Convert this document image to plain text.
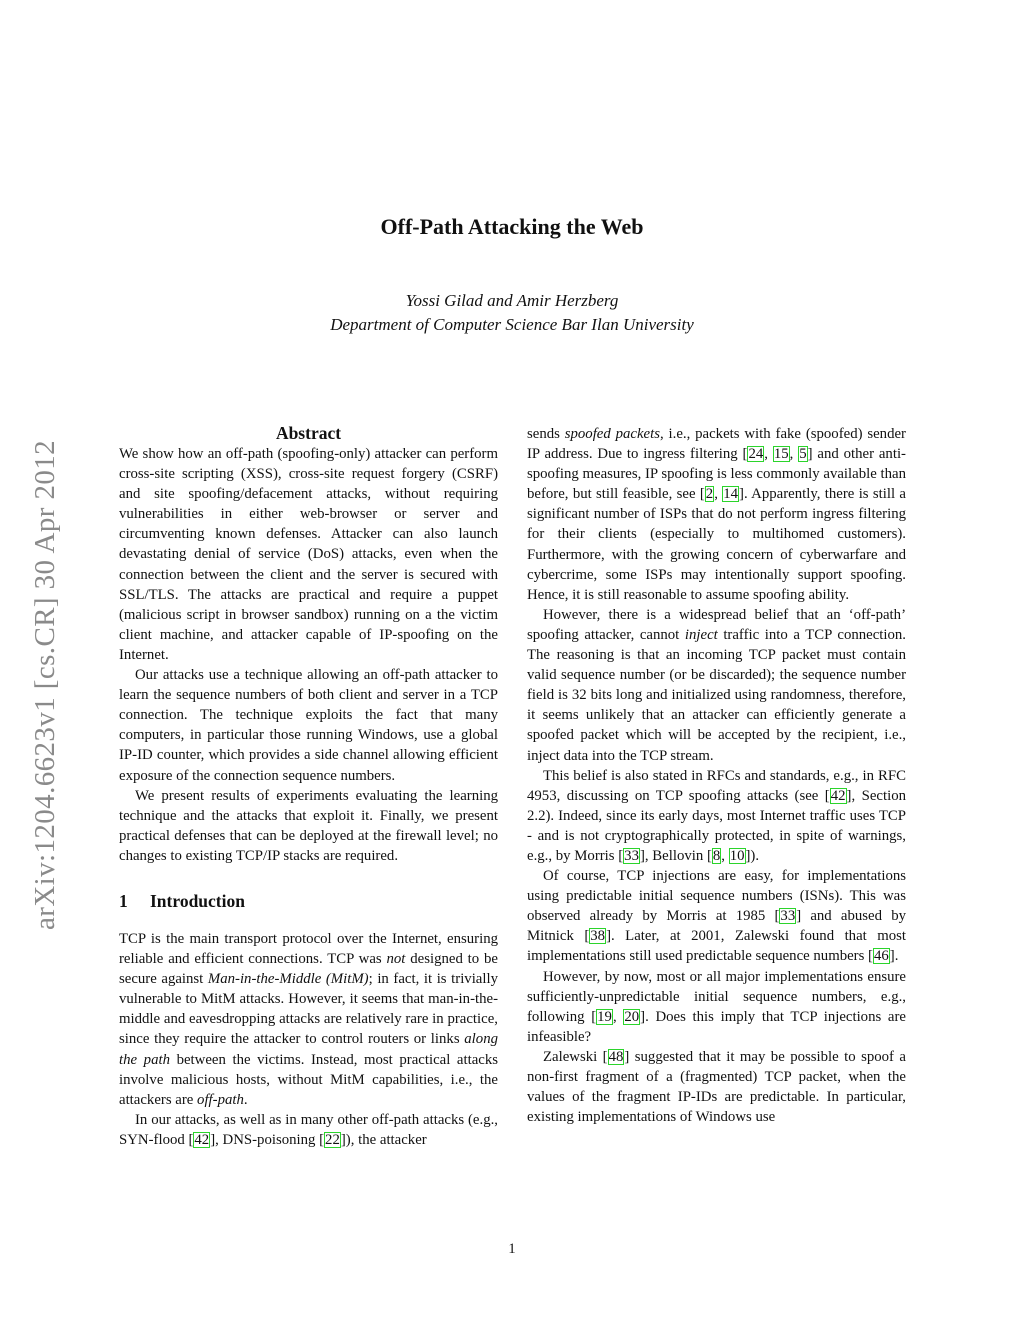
arXiv:1204.6623v1 [cs.CR] 30 Apr 2012
Off-Path Attacking the Web
Yossi Gilad and Amir Herzberg
Department of Computer Science Bar Ilan University
Abstract

We show how an off-path (spoofing-only) attacker can perform cross-site scripting (XSS), cross-site request forgery (CSRF) and site spoofing/defacement attacks, without requiring vulnerabilities in either web-browser or server and circumventing known defenses. Attacker can also launch devastating denial of service (DoS) attacks, even when the connection between the client and the server is secured with SSL/TLS. The attacks are practical and require a puppet (malicious script in browser sandbox) running on a the victim client machine, and attacker capable of IP-spoofing on the Internet.

Our attacks use a technique allowing an off-path attacker to learn the sequence numbers of both client and server in a TCP connection. The technique exploits the fact that many computers, in particular those running Windows, use a global IP-ID counter, which provides a side channel allowing efficient exposure of the connection sequence numbers.

We present results of experiments evaluating the learning technique and the attacks that exploit it. Finally, we present practical defenses that can be deployed at the firewall level; no changes to existing TCP/IP stacks are required.

1 Introduction

TCP is the main transport protocol over the Internet, ensuring reliable and efficient connections. TCP was not designed to be secure against Man-in-the-Middle (MitM); in fact, it is trivially vulnerable to MitM attacks. However, it seems that man-in-the-middle and eavesdropping attacks are relatively rare in practice, since they require the attacker to control routers or links along the path between the victims. Instead, most practical attacks involve malicious hosts, without MitM capabilities, i.e., the attackers are off-path.

In our attacks, as well as in many other off-path attacks (e.g., SYN-flood [42], DNS-poisoning [22]), the attacker

sends spoofed packets, i.e., packets with fake (spoofed) sender IP address. Due to ingress filtering [24, 15, 5] and other anti-spoofing measures, IP spoofing is less commonly available than before, but still feasible, see [2, 14]. Apparently, there is still a significant number of ISPs that do not perform ingress filtering for their clients (especially to multihomed customers). Furthermore, with the growing concern of cyberwarfare and cybercrime, some ISPs may intentionally support spoofing. Hence, it is still reasonable to assume spoofing ability.

However, there is a widespread belief that an ‘off-path’ spoofing attacker, cannot inject traffic into a TCP connection. The reasoning is that an incoming TCP packet must contain valid sequence number (or be discarded); the sequence number field is 32 bits long and initialized using randomness, therefore, it seems unlikely that an attacker can efficiently generate a spoofed packet which will be accepted by the recipient, i.e., inject data into the TCP stream.

This belief is also stated in RFCs and standards, e.g., in RFC 4953, discussing on TCP spoofing attacks (see [42], Section 2.2). Indeed, since its early days, most Internet traffic uses TCP - and is not cryptographically protected, in spite of warnings, e.g., by Morris [33], Bellovin [8, 10]).

Of course, TCP injections are easy, for implementations using predictable initial sequence numbers (ISNs). This was observed already by Morris at 1985 [33] and abused by Mitnick [38]. Later, at 2001, Zalewski found that most implementations still used predictable sequence numbers [46].

However, by now, most or all major implementations ensure sufficiently-unpredictable initial sequence numbers, e.g., following [19, 20]. Does this imply that TCP injections are infeasible?

Zalewski [48] suggested that it may be possible to spoof a non-first fragment of a (fragmented) TCP packet, when the values of the fragment IP-IDs are predictable. In particular, existing implementations of Windows use

1
